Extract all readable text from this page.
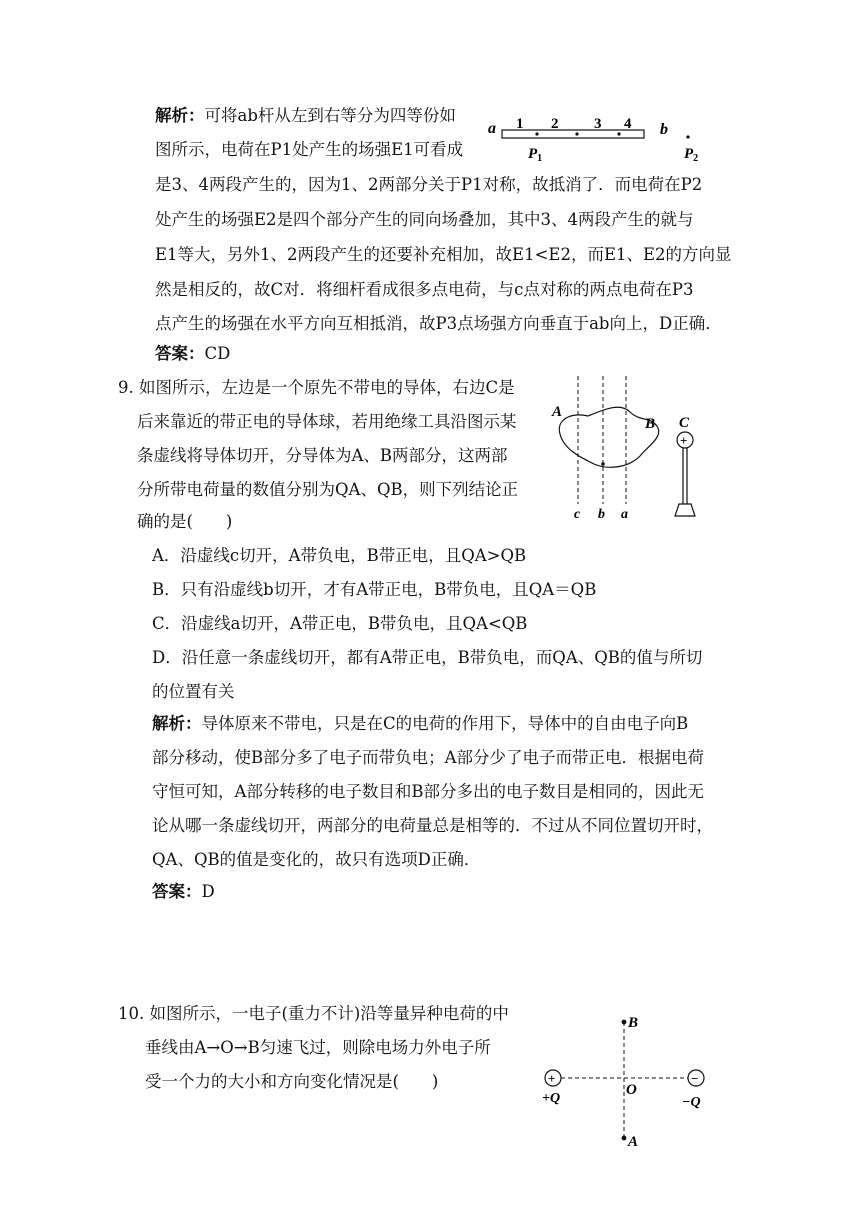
解析：可将ab杆从左到右等分为四等份如
图所示，电荷在P1处产生的场强E1可看成
是3、4两段产生的，因为1、2两部分关于P1对称，故抵消了．而电荷在P2
处产生的场强E2是四个部分产生的同向场叠加，其中3、4两段产生的就与
E1等大，另外1、2两段产生的还要补充相加，故E1<E2，而E1、E2的方向显
然是相反的，故C对．将细杆看成很多点电荷，与c点对称的两点电荷在P3
点产生的场强在水平方向互相抵消，故P3点场强方向垂直于ab向上，D正确．
答案：CD
a 1 2 3 4 b
$P_1$	$P_2$
9. 如图所示，左边是一个原先不带电的导体，右边C是
后来靠近的带正电的导体球，若用绝缘工具沿图示某
条虚线将导体切开，分导体为A、B两部分，这两部
分所带电荷量的数值分别为QA、QB，则下列结论正
确的是(　　)
A．沿虚线c切开，A带负电，B带正电，且QA>QB
B．只有沿虚线b切开，才有A带正电，B带负电，且QA＝QB
C．沿虚线a切开，A带正电，B带负电，且QA<QB
D．沿任意一条虚线切开，都有A带正电，B带负电，而QA、QB的值与所切
的位置有关
解析：导体原来不带电，只是在C的电荷的作用下，导体中的自由电子向B
部分移动，使B部分多了电子而带负电；A部分少了电子而带正电．根据电荷
守恒可知，A部分转移的电子数目和B部分多出的电子数目是相同的，因此无
论从哪一条虚线切开，两部分的电荷量总是相等的．不过从不同位置切开时，
QA、QB的值是变化的，故只有选项D正确．
答案：D
A
B C
+
c b a
10. 如图所示，一电子(重力不计)沿等量异种电荷的中
垂线由A→O→B匀速飞过，则除电场力外电子所
受一个力的大小和方向变化情况是(　　)
B
A
O
+
+Q
−
−Q
